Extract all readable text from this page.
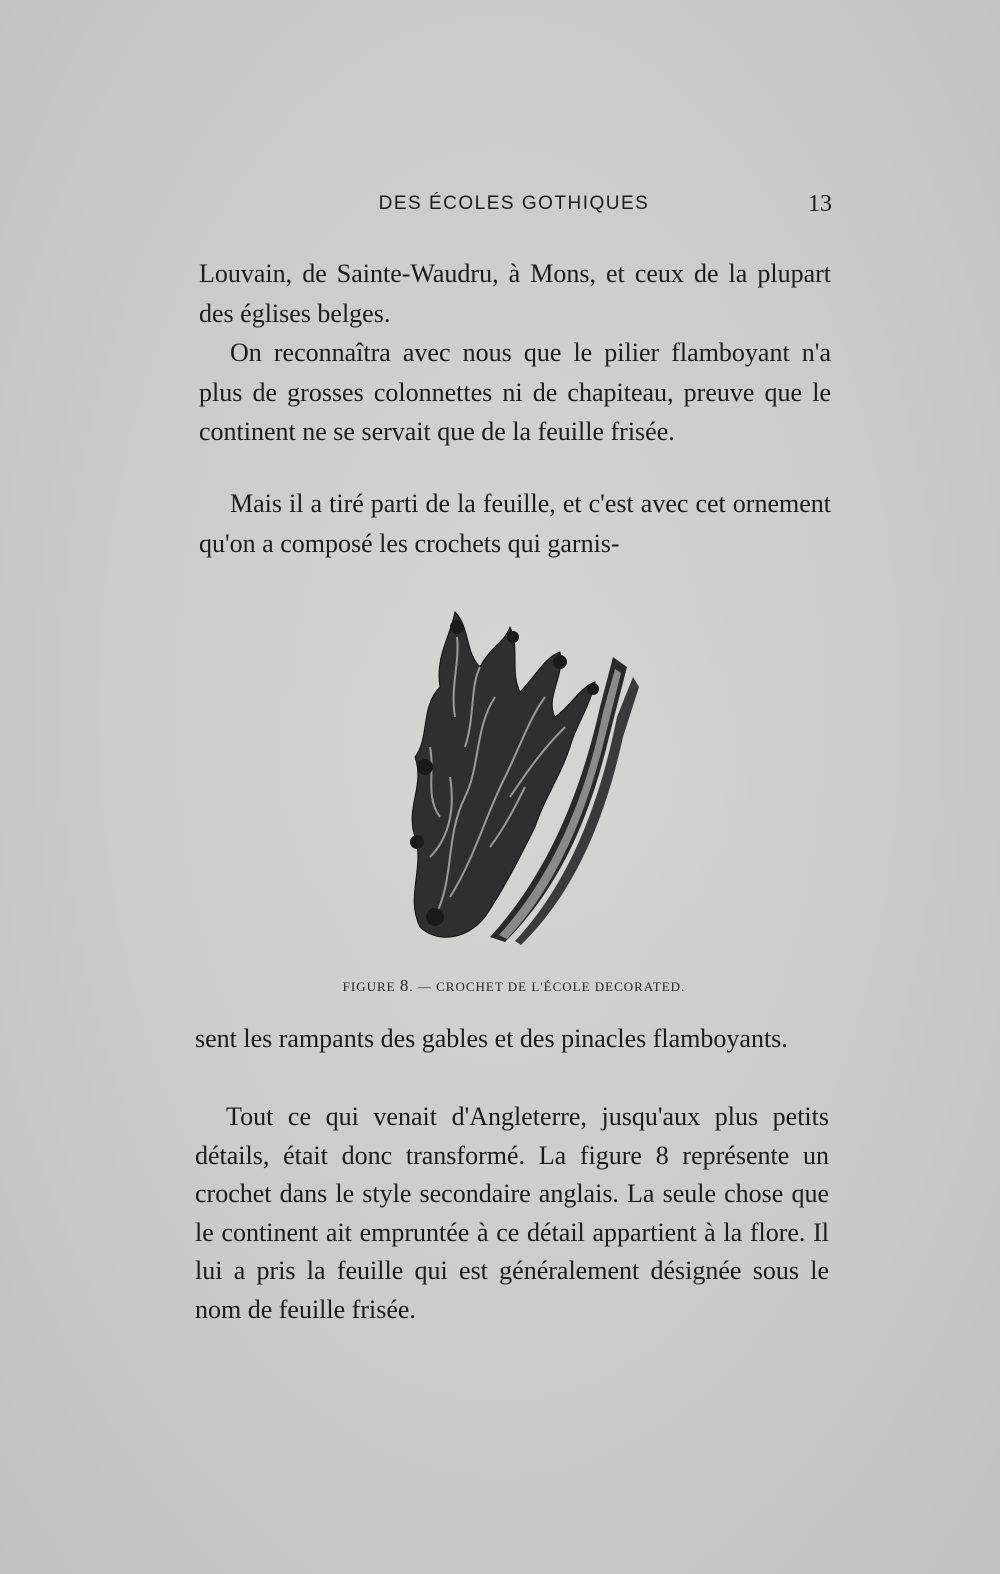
DES ÉCOLES GOTHIQUES	13

Louvain, de Sainte-Waudru, à Mons, et ceux de la plupart des églises belges.

On reconnaîtra avec nous que le pilier flamboyant n'a plus de grosses colonnettes ni de chapiteau, preuve que le continent ne se servait que de la feuille frisée.

Mais il a tiré parti de la feuille, et c'est avec cet ornement qu'on a composé les crochets qui garnis-

FIGURE 8. — CROCHET DE L'ÉCOLE DECORATED.

sent les rampants des gables et des pinacles flamboyants.

Tout ce qui venait d'Angleterre, jusqu'aux plus petits détails, était donc transformé. La figure 8 représente un crochet dans le style secondaire anglais. La seule chose que le continent ait empruntée à ce détail appartient à la flore. Il lui a pris la feuille qui est généralement désignée sous le nom de feuille frisée.
